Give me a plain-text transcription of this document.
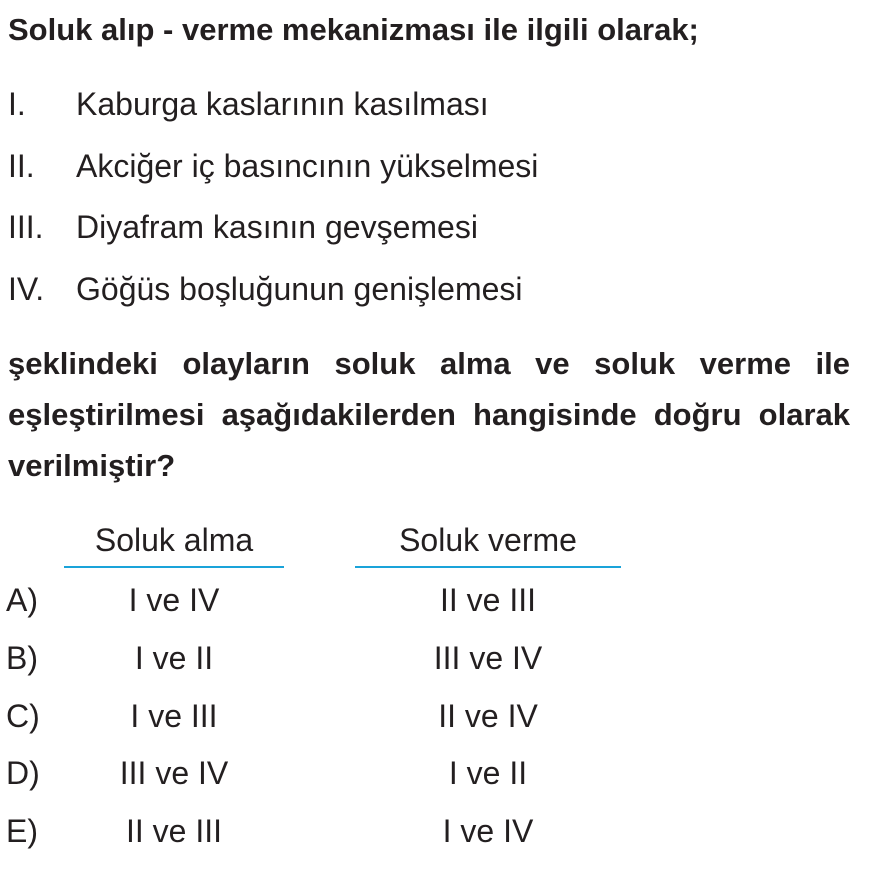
Soluk alıp - verme mekanizması ile ilgili olarak;
I. Kaburga kaslarının kasılması
II. Akciğer iç basıncının yükselmesi
III. Diyafram kasının gevşemesi
IV. Göğüs boşluğunun genişlemesi
şeklindeki olayların soluk alma ve soluk verme ile eşleştirilmesi aşağıdakilerden hangisinde doğru olarak verilmiştir?
Soluk alma	Soluk verme
A)	I ve IV	II ve III
B)	I ve II	III ve IV
C)	I ve III	II ve IV
D)	III ve IV	I ve II
E)	II ve III	I ve IV
